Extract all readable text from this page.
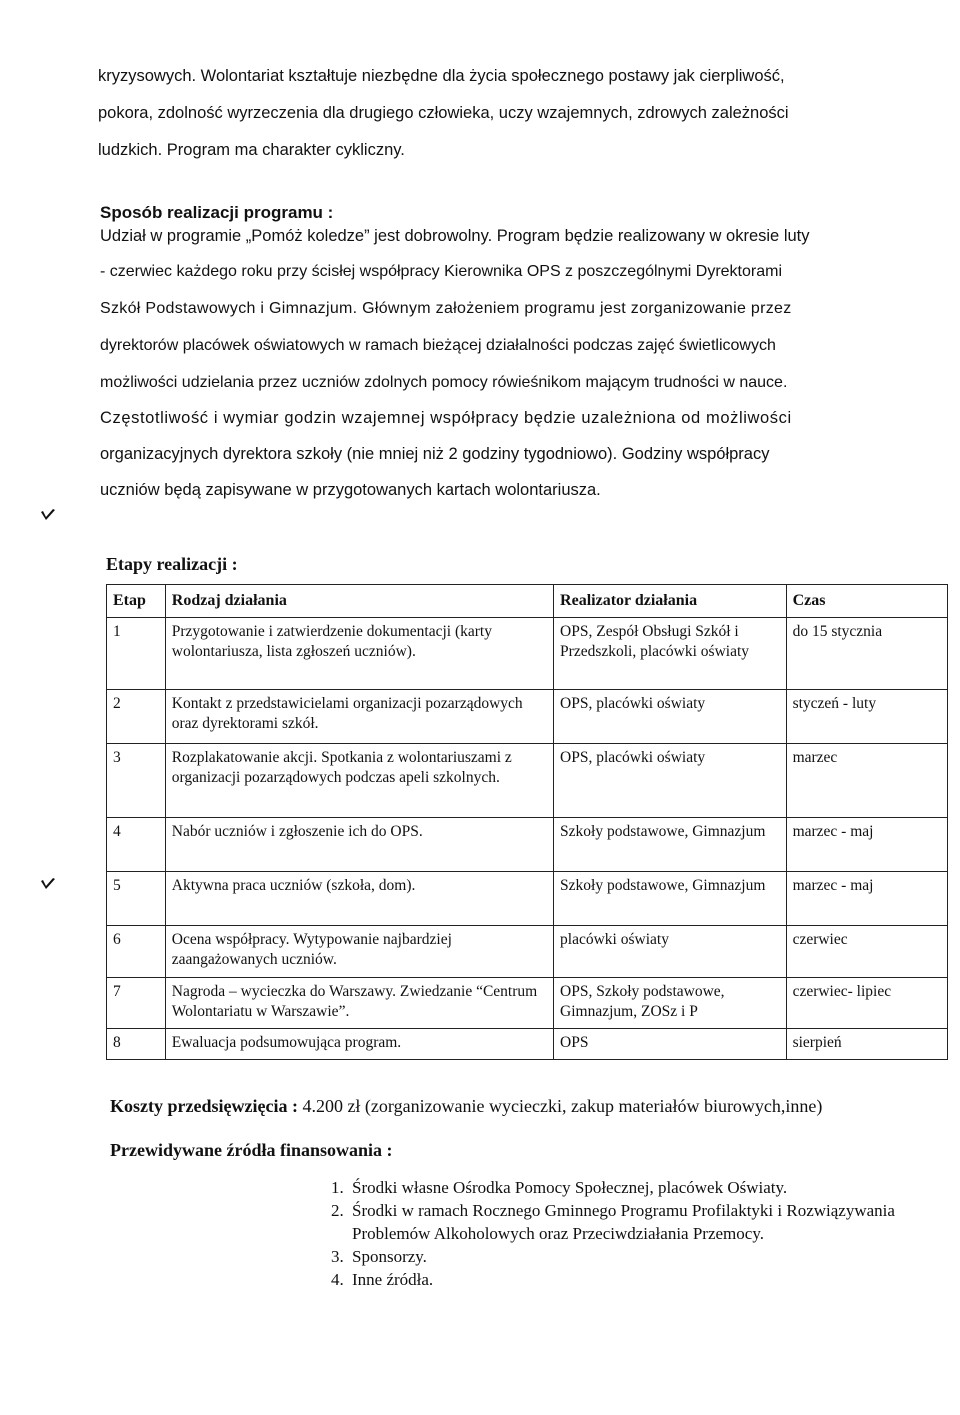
kryzysowych. Wolontariat kształtuje niezbędne dla życia społecznego postawy jak cierpliwość,
pokora, zdolność wyrzeczenia dla drugiego człowieka, uczy wzajemnych, zdrowych zależności
ludzkich. Program ma charakter cykliczny.
Sposób realizacji programu :
Udział w programie „Pomóż koledze” jest dobrowolny. Program będzie realizowany w okresie luty
- czerwiec każdego roku przy ścisłej współpracy Kierownika OPS z poszczególnymi Dyrektorami
Szkół Podstawowych i Gimnazjum. Głównym założeniem programu jest zorganizowanie przez
dyrektorów placówek oświatowych w ramach bieżącej działalności podczas zajęć świetlicowych
możliwości udzielania przez uczniów zdolnych pomocy rówieśnikom mającym trudności w nauce.
Częstotliwość i wymiar godzin wzajemnej współpracy będzie uzależniona od możliwości
organizacyjnych dyrektora szkoły (nie mniej niż 2 godziny tygodniowo). Godziny współpracy
uczniów będą zapisywane w przygotowanych kartach wolontariusza.
Etapy realizacji :
Etap	Rodzaj działania	Realizator działania	Czas
1	Przygotowanie i zatwierdzenie dokumentacji (karty wolontariusza, lista zgłoszeń uczniów).	OPS, Zespół Obsługi Szkół i Przedszkoli, placówki oświaty	do 15 stycznia
2	Kontakt z przedstawicielami organizacji pozarządowych oraz dyrektorami szkół.	OPS, placówki oświaty	styczeń - luty
3	Rozplakatowanie akcji. Spotkania z wolontariuszami z organizacji pozarządowych podczas apeli szkolnych.	OPS, placówki oświaty	marzec
4	Nabór uczniów i zgłoszenie ich do OPS.	Szkoły podstawowe, Gimnazjum	marzec - maj
5	Aktywna praca uczniów (szkoła, dom).	Szkoły podstawowe, Gimnazjum	marzec - maj
6	Ocena współpracy. Wytypowanie najbardziej zaangażowanych uczniów.	placówki oświaty	czerwiec
7	Nagroda – wycieczka do Warszawy. Zwiedzanie “Centrum Wolontariatu w Warszawie”.	OPS, Szkoły podstawowe, Gimnazjum, ZOSz i P	czerwiec- lipiec
8	Ewaluacja podsumowująca program.	OPS	sierpień
Koszty przedsięwzięcia : 4.200 zł (zorganizowanie wycieczki, zakup materiałów biurowych,inne)
Przewidywane źródła finansowania :
1. Środki własne Ośrodka Pomocy Społecznej, placówek Oświaty.
2. Środki w ramach Rocznego Gminnego Programu Profilaktyki i Rozwiązywania Problemów Alkoholowych oraz Przeciwdziałania Przemocy.
3. Sponsorzy.
4. Inne źródła.
